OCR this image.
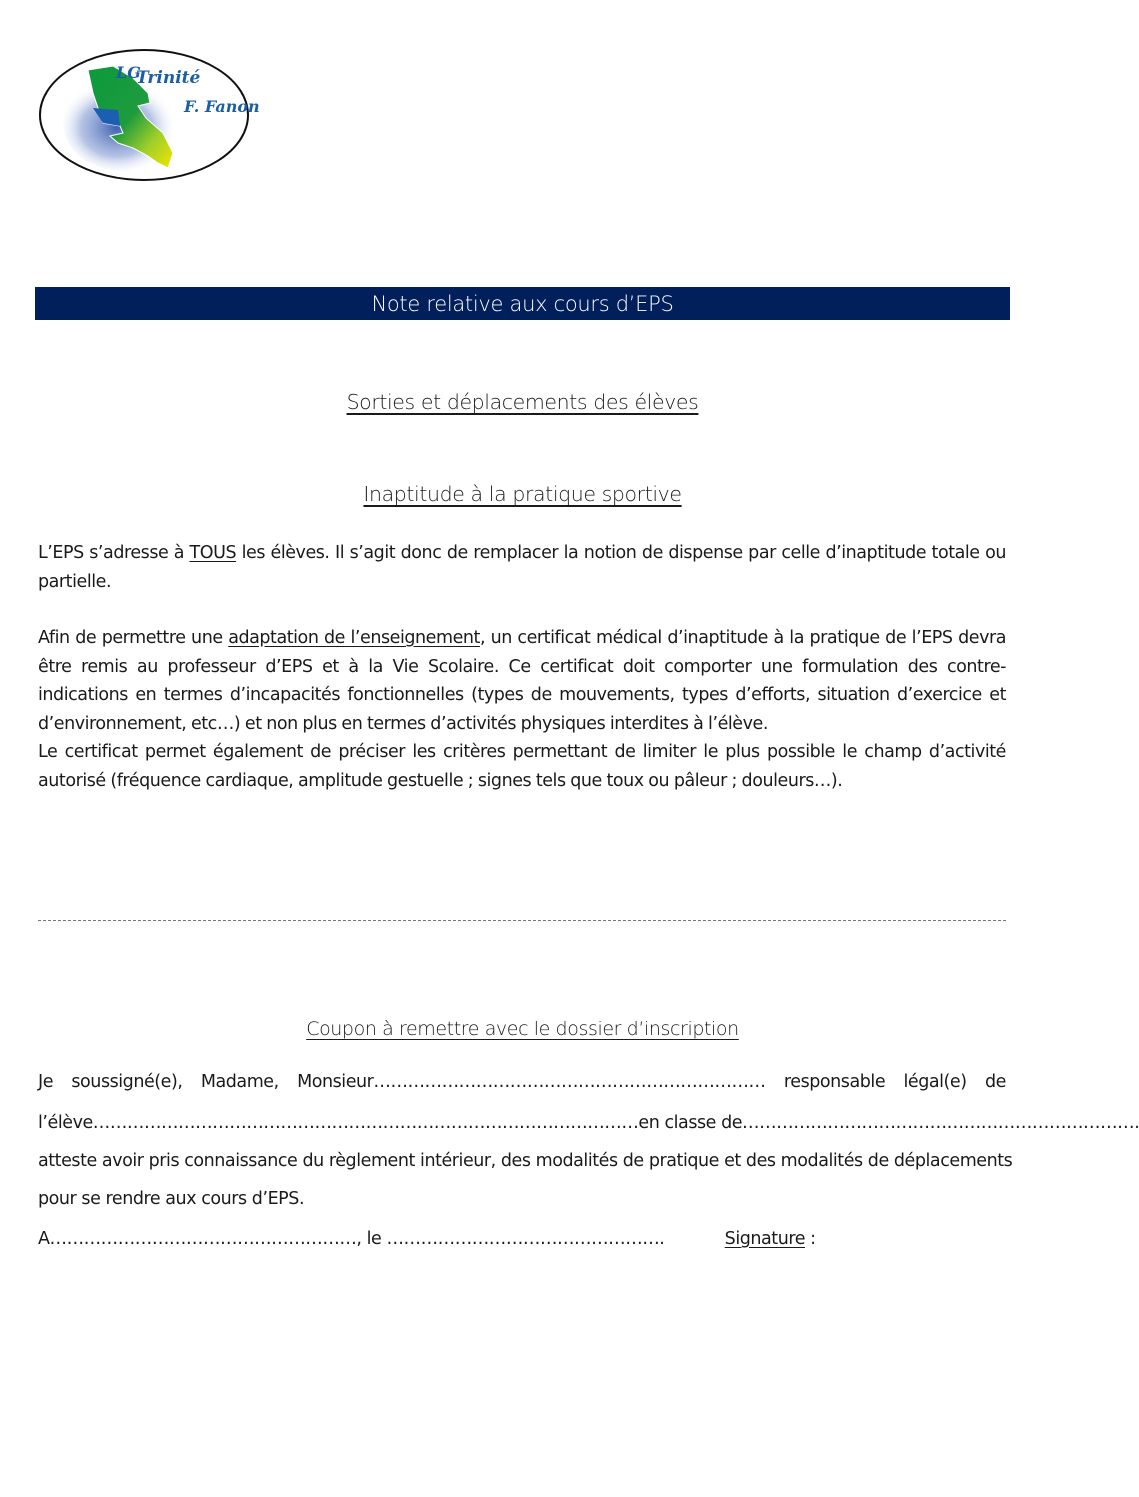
LG
Trinité
F. Fanon
Note relative aux cours d’EPS
Sorties et déplacements des élèves
Inaptitude à la pratique sportive

L’EPS s’adresse à TOUS les élèves. Il s’agit donc de remplacer la notion de dispense par celle d’inaptitude totale ou partielle.

Afin de permettre une adaptation de l’enseignement, un certificat médical d’inaptitude à la pratique de l’EPS devra être remis au professeur d’EPS et à la Vie Scolaire. Ce certificat doit comporter une formulation des contre-indications en termes d’incapacités fonctionnelles (types de mouvements, types d’efforts, situation d’exercice et d’environnement, etc…) et non plus en termes d’activités physiques interdites à l’élève.

Le certificat permet également de préciser les critères permettant de limiter le plus possible le champ d’activité autorisé (fréquence cardiaque, amplitude gestuelle ; signes tels que toux ou pâleur ; douleurs…).

Coupon à remettre avec le dossier d’inscription
Je soussigné(e), Madame, Monsieur…………………………………………………………… responsable légal(e) de
l’élève……………………………………………………………………………………en classe de…………………………………………………………….
atteste avoir pris connaissance du règlement intérieur, des modalités de pratique et des modalités de déplacements
pour se rendre aux cours d’EPS.
A………………………………………………, le ………………………………………….	Signature :
